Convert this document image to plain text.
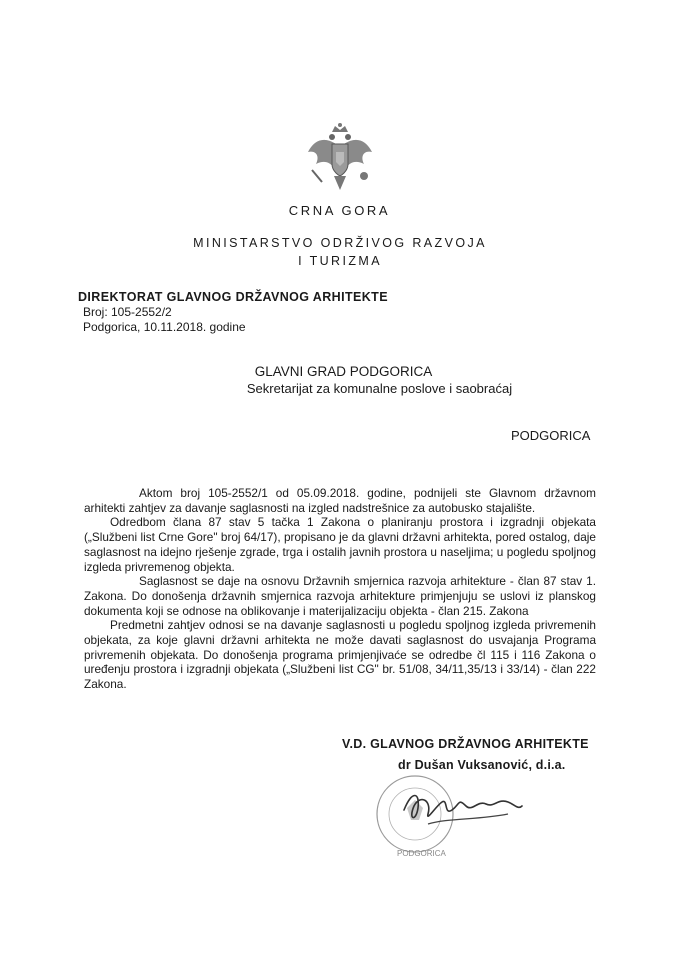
CRNA GORA
MINISTARSTVO ODRŽIVOG RAZVOJA
I TURIZMA
DIREKTORAT GLAVNOG DRŽAVNOG ARHITEKTE
Broj: 105-2552/2
Podgorica, 10.11.2018. godine
GLAVNI GRAD PODGORICA
Sekretarijat za komunalne poslove i saobraćaj
PODGORICA

Aktom broj 105-2552/1 od 05.09.2018. godine, podnijeli ste Glavnom državnom arhitekti zahtjev za davanje saglasnosti na izgled nadstrešnice za autobusko stajalište.

Odredbom člana 87 stav 5 tačka 1 Zakona o planiranju prostora i izgradnji objekata („Službeni list Crne Gore" broj 64/17), propisano je da glavni državni arhitekta, pored ostalog, daje saglasnost na idejno rješenje zgrade, trga i ostalih javnih prostora u naseljima; u pogledu spoljnog izgleda privremenog objekta.

Saglasnost se daje na osnovu Državnih smjernica razvoja arhitekture - član 87 stav 1. Zakona. Do donošenja državnih smjernica razvoja arhitekture primjenjuju se uslovi iz planskog dokumenta koji se odnose na oblikovanje i materijalizaciju objekta - član 215. Zakona

Predmetni zahtjev odnosi se na davanje saglasnosti u pogledu spoljnog izgleda privremenih objekata, za koje glavni državni arhitekta ne može davati saglasnost do usvajanja Programa privremenih objekata. Do donošenja programa primjenjivaće se odredbe čl 115 i 116 Zakona o uređenju prostora i izgradnji objekata („Službeni list CG" br. 51/08, 34/11,35/13 i 33/14) - član 222 Zakona.

V.D. GLAVNOG DRŽAVNOG ARHITEKTE
dr Dušan Vuksanović, d.i.a.
PODGORICA
